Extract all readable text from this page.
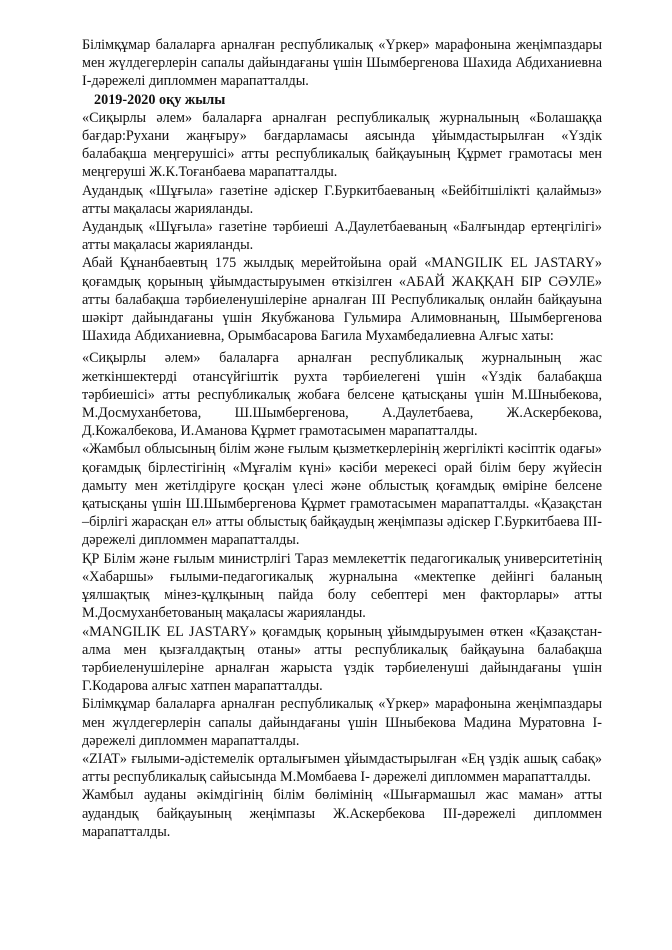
Білімқұмар балаларға арналған республикалық «Үркер» марафонына жеңімпаздары мен жүлдегерлерін сапалы дайындағаны үшін Шымбергенова Шахида Абдиханиевна І-дәрежелі дипломмен марапатталды.

2019-2020 оқу жылы

«Сиқырлы әлем» балаларға арналған республикалық журналының «Болашаққа бағдар:Рухани жаңғыру» бағдарламасы аясында ұйымдастырылған «Үздік балабақша меңгерушісі» атты республикалық байқауының Құрмет грамотасы мен меңгеруші Ж.К.Тоғанбаева марапатталды.

Аудандық «Шұғыла» газетіне әдіскер Г.Буркитбаеваның «Бейбітшілікті қалаймыз» атты мақаласы жарияланды.

Аудандық «Шұғыла» газетіне тәрбиеші А.Даулетбаеваның «Балғындар ертеңгілігі» атты мақаласы жарияланды.

Абай Құнанбаевтың 175 жылдық мерейтойына орай «MANGILIK EL JASTARY» қоғамдық қорының ұйымдастыруымен өткізілген «АБАЙ ЖАҚҚАН БІР СӘУЛЕ» атты балабақша тәрбиеленушілеріне арналған ІІІ Республикалық онлайн байқауына шәкірт дайындағаны үшін Якубжанова Гульмира Алимовнаның, Шымбергенова Шахида Абдиханиевна, Орымбасарова Багила Мухамбедалиевна Алғыс хаты:

«Сиқырлы әлем» балаларға арналған республикалық журналының жас жеткіншектерді отансүйгіштік рухта тәрбиелегені үшін «Үздік балабақша тәрбиешісі» атты республикалық жобаға белсене қатысқаны үшін М.Шныбекова, М.Досмуханбетова, Ш.Шымбергенова, А.Даулетбаева, Ж.Аскербекова, Д.Кожалбекова, И.Аманова Құрмет грамотасымен марапатталды.

«Жамбыл облысының білім және ғылым қызметкерлерінің жергілікті кәсіптік одағы» қоғамдық бірлестігінің «Мұғалім күні» кәсіби мерекесі орай білім беру жүйесін дамыту мен жетілдіруге қосқан үлесі және облыстық қоғамдық өміріне белсене қатысқаны үшін Ш.Шымбергенова Құрмет грамотасымен марапатталды. «Қазақстан –бірлігі жарасқан ел» атты облыстық байқаудың жеңімпазы әдіскер Г.Буркитбаева ІІІ-дәрежелі дипломмен марапатталды.

ҚР Білім және ғылым министрлігі Тараз мемлекеттік педагогикалық университетінің «Хабаршы» ғылыми-педагогикалық журналына «мектепке дейінгі баланың ұялшақтық мінез-құлқының пайда болу себептері мен факторлары» атты М.Досмуханбетованың мақаласы жарияланды.

«MANGILIK EL JASTARY» қоғамдық қорының ұйымдыруымен өткен «Қазақстан-алма мен қызғалдақтың отаны» атты республикалық байқауына балабақша тәрбиеленушілеріне арналған жарыста үздік тәрбиеленуші дайындағаны үшін Г.Кодарова алғыс хатпен марапатталды.

Білімқұмар балаларға арналған республикалық «Үркер» марафонына жеңімпаздары мен жүлдегерлерін сапалы дайындағаны үшін Шныбекова Мадина Муратовна І-дәрежелі дипломмен марапатталды.

«ZIAT» ғылыми-әдістемелік орталығымен ұйымдастырылған «Ең үздік ашық сабақ» атты республикалық сайысында М.Момбаева І- дәрежелі дипломмен марапатталды.

Жамбыл ауданы әкімдігінің білім бөлімінің «Шығармашыл жас маман» атты аудандық байқауының жеңімпазы Ж.Аскербекова ІІІ-дәрежелі дипломмен марапатталды.
